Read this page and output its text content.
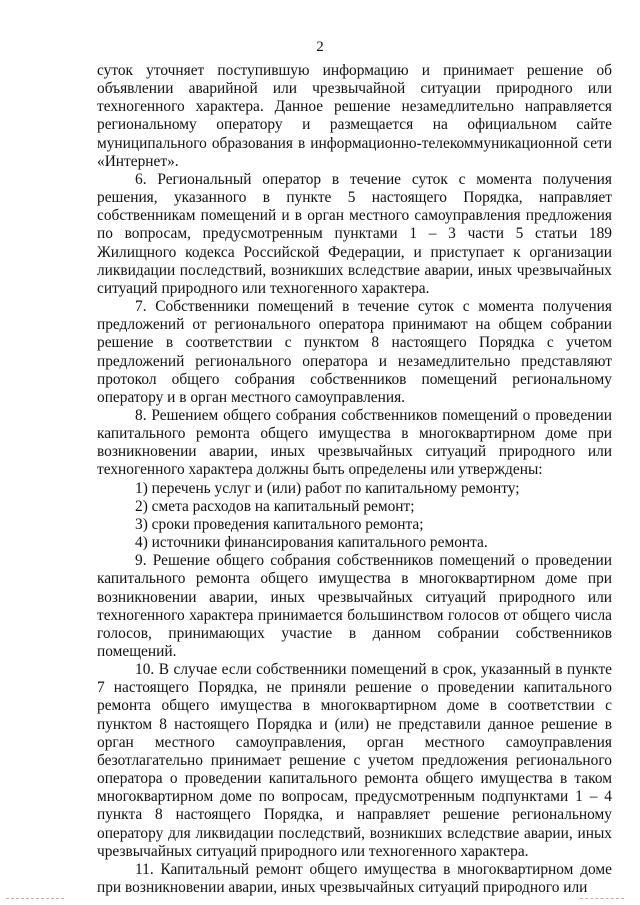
2

суток уточняет поступившую информацию и принимает решение об объявлении аварийной или чрезвычайной ситуации природного или техногенного характера. Данное решение незамедлительно направляется региональному оператору и размещается на официальном сайте муниципального образования в информационно-телекоммуникационной сети «Интернет».

6. Региональный оператор в течение суток с момента получения решения, указанного в пункте 5 настоящего Порядка, направляет собственникам помещений и в орган местного самоуправления предложения по вопросам, предусмотренным пунктами 1 – 3 части 5 статьи 189 Жилищного кодекса Российской Федерации, и приступает к организации ликвидации последствий, возникших вследствие аварии, иных чрезвычайных ситуаций природного или техногенного характера.

7. Собственники помещений в течение суток с момента получения предложений от регионального оператора принимают на общем собрании решение в соответствии с пунктом 8 настоящего Порядка с учетом предложений регионального оператора и незамедлительно представляют протокол общего собрания собственников помещений региональному оператору и в орган местного самоуправления.

8. Решением общего собрания собственников помещений о проведении капитального ремонта общего имущества в многоквартирном доме при возникновении аварии, иных чрезвычайных ситуаций природного или техногенного характера должны быть определены или утверждены:

1) перечень услуг и (или) работ по капитальному ремонту;

2) смета расходов на капитальный ремонт;

3) сроки проведения капитального ремонта;

4) источники финансирования капитального ремонта.

9. Решение общего собрания собственников помещений о проведении капитального ремонта общего имущества в многоквартирном доме при возникновении аварии, иных чрезвычайных ситуаций природного или техногенного характера принимается большинством голосов от общего числа голосов, принимающих участие в данном собрании собственников помещений.

10. В случае если собственники помещений в срок, указанный в пункте 7 настоящего Порядка, не приняли решение о проведении капитального ремонта общего имущества в многоквартирном доме в соответствии с пунктом 8 настоящего Порядка и (или) не представили данное решение в орган местного самоуправления, орган местного самоуправления безотлагательно принимает решение с учетом предложения регионального оператора о проведении капитального ремонта общего имущества в таком многоквартирном доме по вопросам, предусмотренным подпунктами 1 – 4 пункта 8 настоящего Порядка, и направляет решение региональному оператору для ликвидации последствий, возникших вследствие аварии, иных чрезвычайных ситуаций природного или техногенного характера.

11. Капитальный ремонт общего имущества в многоквартирном доме при возникновении аварии, иных чрезвычайных ситуаций природного или
